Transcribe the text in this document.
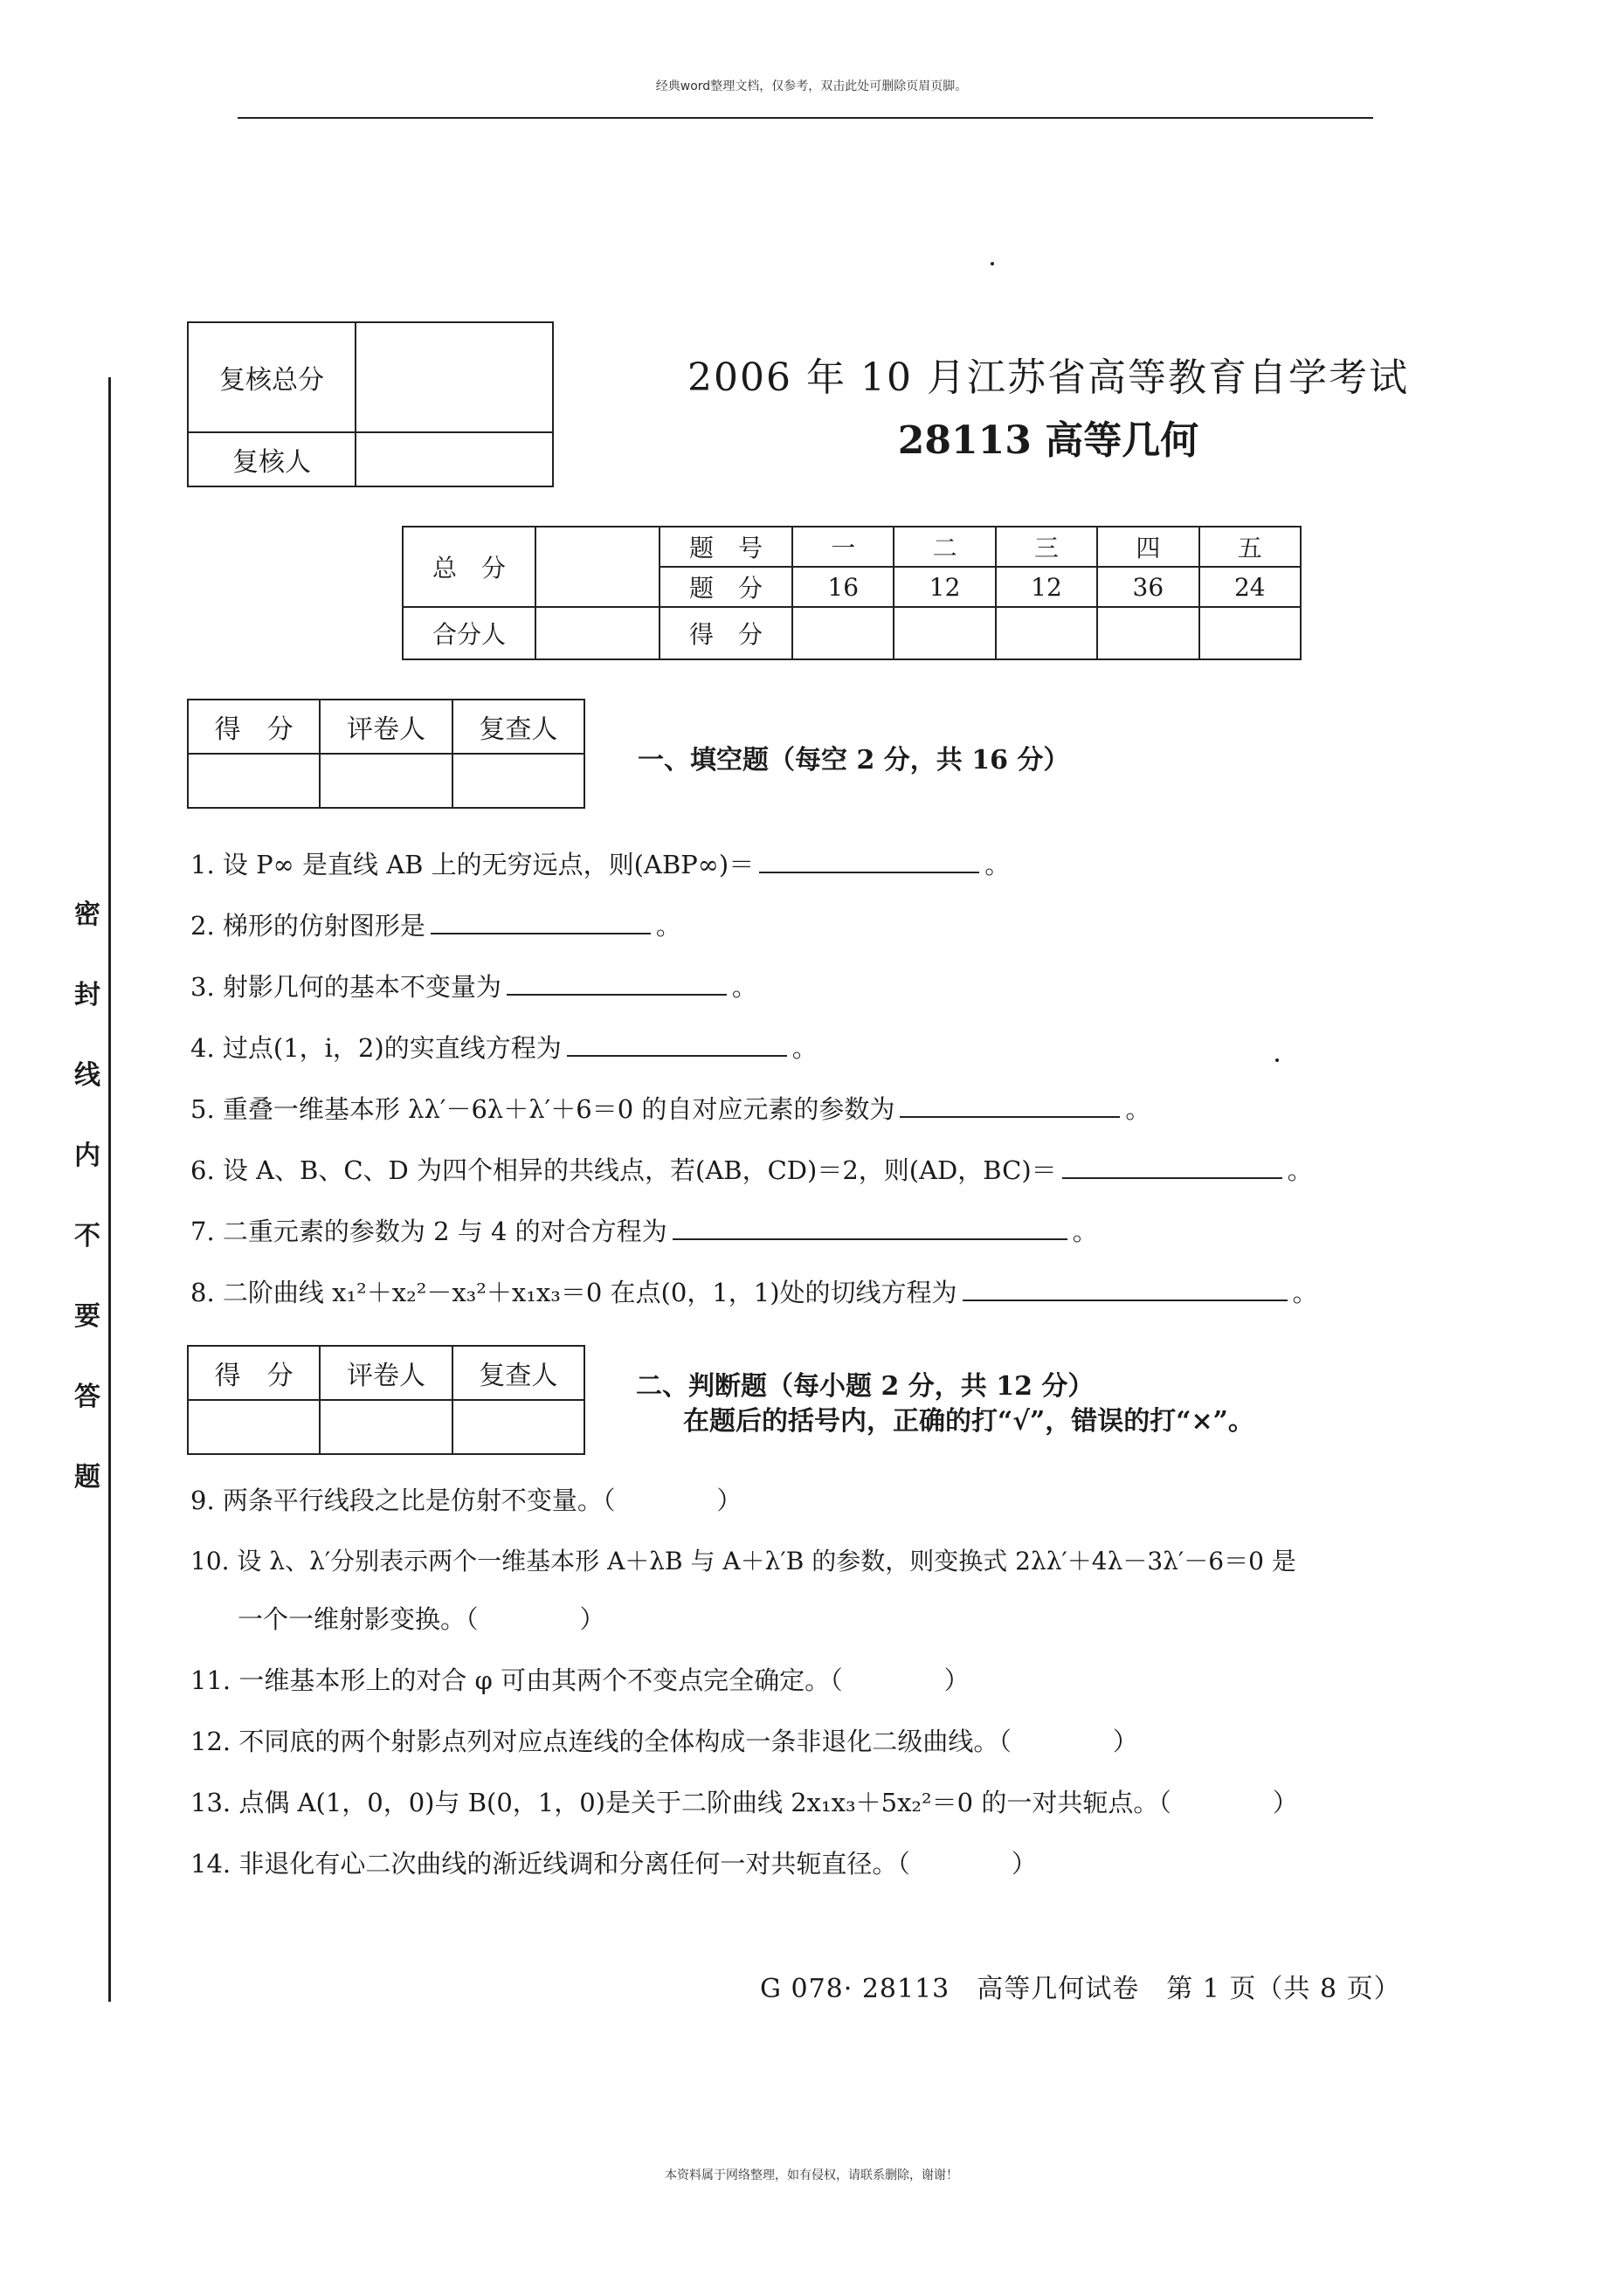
经典word整理文档，仅参考，双击此处可删除页眉页脚。
密
封
线
内
不
要
答
题
复核总分	
复核人	
2006 年 10 月江苏省高等教育自学考试
28113 高等几何
总　分		题　号	一	二	三	四	五
		题　分	16	12	12	36	24
合分人		得　分					
得　分	评卷人	复查人

一、填空题（每空 2 分，共 16 分）
1. 设 P∞ 是直线 AB 上的无穷远点，则(ABP∞)＝	。
2. 梯形的仿射图形是	。
3. 射影几何的基本不变量为	。
4. 过点(1，i，2)的实直线方程为	。
5. 重叠一维基本形 λλ′－6λ＋λ′＋6＝0 的自对应元素的参数为	。
6. 设 A、B、C、D 为四个相异的共线点，若(AB，CD)＝2，则(AD，BC)＝	。
7. 二重元素的参数为 2 与 4 的对合方程为	。
8. 二阶曲线 x₁²＋x₂²－x₃²＋x₁x₃＝0 在点(0，1，1)处的切线方程为	。
得　分	评卷人	复查人
			二、判断题（每小题 2 分，共 12 分）
在题后的括号内，正确的打“√”，错误的打“×”。
9. 两条平行线段之比是仿射不变量。（　　　　）
10. 设 λ、λ′分别表示两个一维基本形 A＋λB 与 A＋λ′B 的参数，则变换式 2λλ′＋4λ－3λ′－6＝0 是
一个一维射影变换。（　　　　）
11. 一维基本形上的对合 φ 可由其两个不变点完全确定。（　　　　）
12. 不同底的两个射影点列对应点连线的全体构成一条非退化二级曲线。（　　　　）
13. 点偶 A(1，0，0)与 B(0，1，0)是关于二阶曲线 2x₁x₃＋5x₂²＝0 的一对共轭点。（　　　　）
14. 非退化有心二次曲线的渐近线调和分离任何一对共轭直径。（　　　　）
G 078· 28113　高等几何试卷　第 1 页（共 8 页）
本资料属于网络整理，如有侵权，请联系删除，谢谢！
